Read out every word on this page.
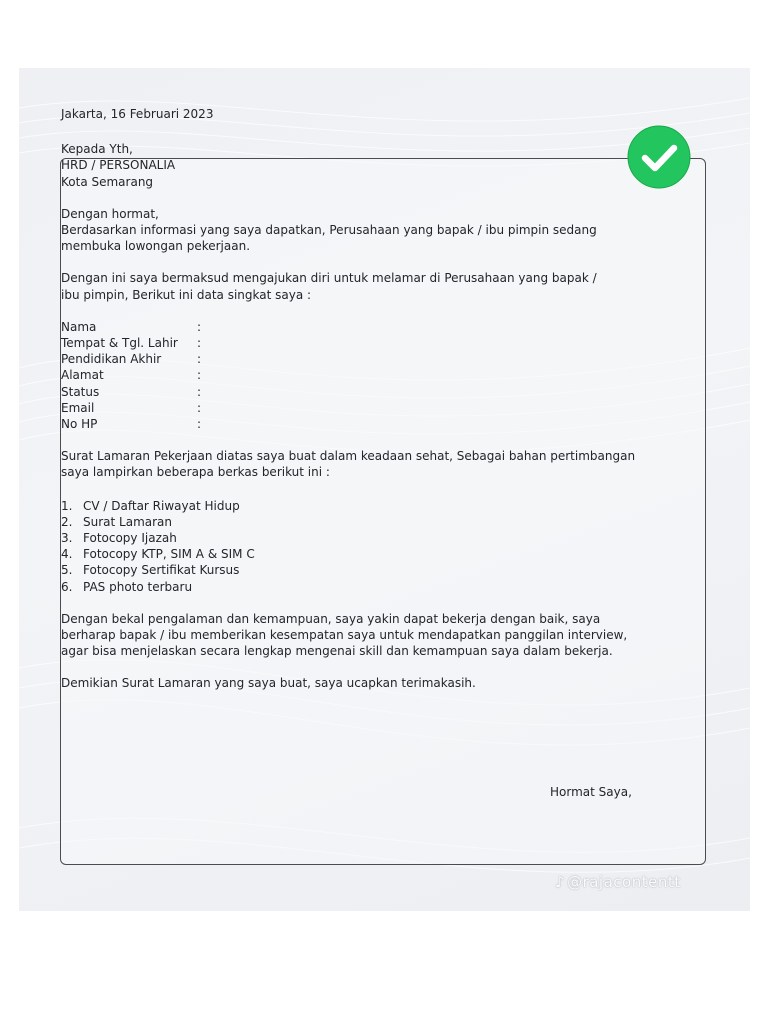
♪ @rajacontentt

Jakarta, 16 Februari 2023

Kepada Yth,
HRD / PERSONALIA
Kota Semarang
Dengan hormat,
Berdasarkan informasi yang saya dapatkan, Perusahaan yang bapak / ibu pimpin sedang
membuka lowongan pekerjaan.
Dengan ini saya bermaksud mengajukan diri untuk melamar di Perusahaan yang bapak /
ibu pimpin, Berikut ini data singkat saya :
Nama	:
Tempat & Tgl. Lahir	:
Pendidikan Akhir	:
Alamat	:
Status	:
Email	:
No HP	:
Surat Lamaran Pekerjaan diatas saya buat dalam keadaan sehat, Sebagai bahan pertimbangan
saya lampirkan beberapa berkas berikut ini :
1. CV / Daftar Riwayat Hidup
2. Surat Lamaran
3. Fotocopy Ijazah
4. Fotocopy KTP, SIM A & SIM C
5. Fotocopy Sertifikat Kursus
6. PAS photo terbaru
Dengan bekal pengalaman dan kemampuan, saya yakin dapat bekerja dengan baik, saya
berharap bapak / ibu memberikan kesempatan saya untuk mendapatkan panggilan interview,
agar bisa menjelaskan secara lengkap mengenai skill dan kemampuan saya dalam bekerja.

Demikian Surat Lamaran yang saya buat, saya ucapkan terimakasih.

Hormat Saya,
